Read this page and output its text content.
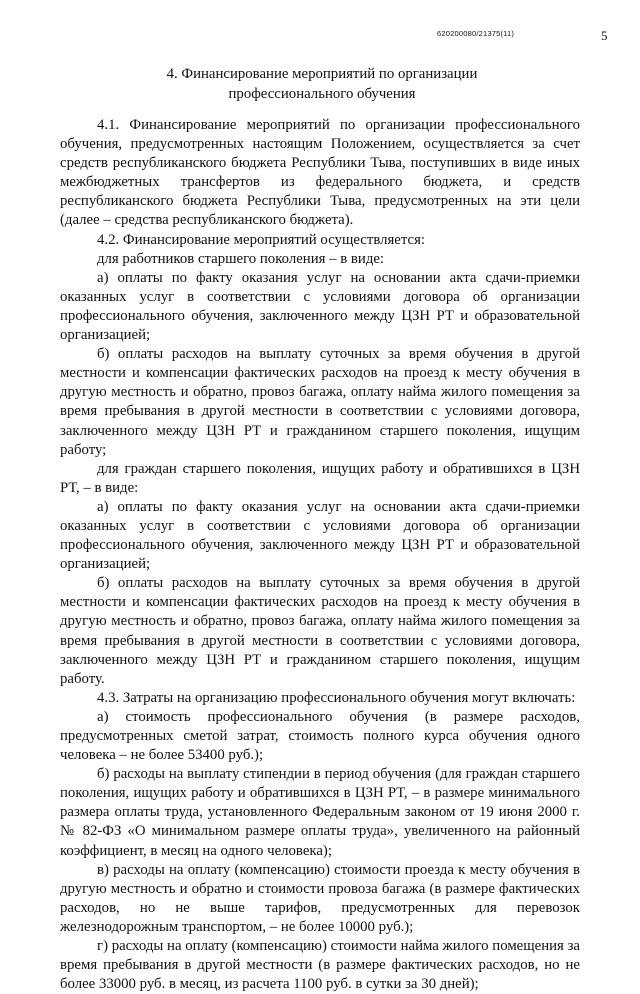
620200080/21375(11)	5
4. Финансирование мероприятий по организации
профессионального обучения

4.1. Финансирование мероприятий по организации профессионального обучения, предусмотренных настоящим Положением, осуществляется за счет средств республиканского бюджета Республики Тыва, поступивших в виде иных межбюджетных трансфертов из федерального бюджета, и средств республиканского бюджета Республики Тыва, предусмотренных на эти цели (далее – средства республиканского бюджета).

4.2. Финансирование мероприятий осуществляется:

для работников старшего поколения – в виде:

а) оплаты по факту оказания услуг на основании акта сдачи-приемки оказанных услуг в соответствии с условиями договора об организации профессионального обучения, заключенного между ЦЗН РТ и образовательной организацией;

б) оплаты расходов на выплату суточных за время обучения в другой местности и компенсации фактических расходов на проезд к месту обучения в другую местность и обратно, провоз багажа, оплату найма жилого помещения за время пребывания в другой местности в соответствии с условиями договора, заключенного между ЦЗН РТ и гражданином старшего поколения, ищущим работу;

для граждан старшего поколения, ищущих работу и обратившихся в ЦЗН РТ, – в виде:

а) оплаты по факту оказания услуг на основании акта сдачи-приемки оказанных услуг в соответствии с условиями договора об организации профессионального обучения, заключенного между ЦЗН РТ и образовательной организацией;

б) оплаты расходов на выплату суточных за время обучения в другой местности и компенсации фактических расходов на проезд к месту обучения в другую местность и обратно, провоз багажа, оплату найма жилого помещения за время пребывания в другой местности в соответствии с условиями договора, заключенного между ЦЗН РТ и гражданином старшего поколения, ищущим работу.

4.3. Затраты на организацию профессионального обучения могут включать:

а) стоимость профессионального обучения (в размере расходов, предусмотренных сметой затрат, стоимость полного курса обучения одного человека – не более 53400 руб.);

б) расходы на выплату стипендии в период обучения (для граждан старшего поколения, ищущих работу и обратившихся в ЦЗН РТ, – в размере минимального размера оплаты труда, установленного Федеральным законом от 19 июня 2000 г. № 82-ФЗ «О минимальном размере оплаты труда», увеличенного на районный коэффициент, в месяц на одного человека);

в) расходы на оплату (компенсацию) стоимости проезда к месту обучения в другую местность и обратно и стоимости провоза багажа (в размере фактических расходов, но не выше тарифов, предусмотренных для перевозок железнодорожным транспортом, – не более 10000 руб.);

г) расходы на оплату (компенсацию) стоимости найма жилого помещения за время пребывания в другой местности (в размере фактических расходов, но не более 33000 руб. в месяц, из расчета 1100 руб. в сутки за 30 дней);
